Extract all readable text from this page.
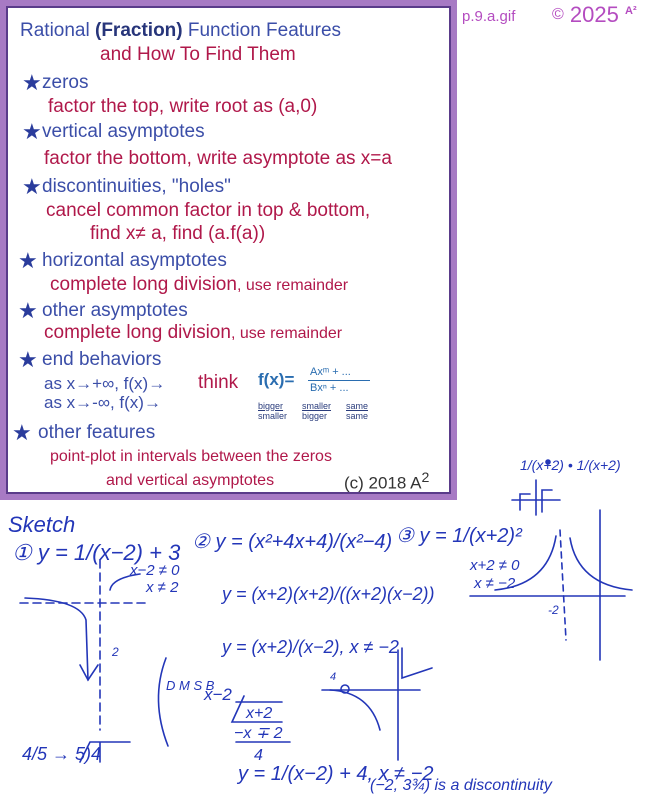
Rational (Fraction) Function Features
and How To Find Them
★ zeros
factor the top, write root as (a,0)
★ vertical asymptotes
factor the bottom, write asymptote as x=a
★ discontinuities, "holes"
cancel common factor in top & bottom,
find x≠ a, find (a.f(a))
★ horizontal asymptotes
complete long division, use remainder
★ other asymptotes
complete long division, use remainder
★ end behaviors
as x→+∞, f(x)→ think
as x→-∞, f(x)→
f(x)= Axᵐ + ...
Bxⁿ + ...
bigger
smaller
smaller
bigger
same
same
★ other features
point-plot in intervals between the zeros
and vertical asymptotes	(c) 2018 $A^2$
p.9.a.gif © 2025 $^{A^2}$
Sketch
① y = 1/(x−2) + 3
x−2 ≠ 0
x ≠ 2
② y = (x²+4x+4)/(x²−4)
y = (x+2)(x+2)/((x+2)(x−2))
y = (x+2)/(x−2), x ≠ −2
y = 1/(x−2) + 4, x ≠ −2
(−2, 3¾) is a discontinuity
③ y = 1/(x+2)²
x+2 ≠ 0
x ≠ −2
1/(x+2) • 1/(x+2)
x−2
x+2
−x ∓ 2
4
4/5 → 5)4
D M S B
2
-2
4
